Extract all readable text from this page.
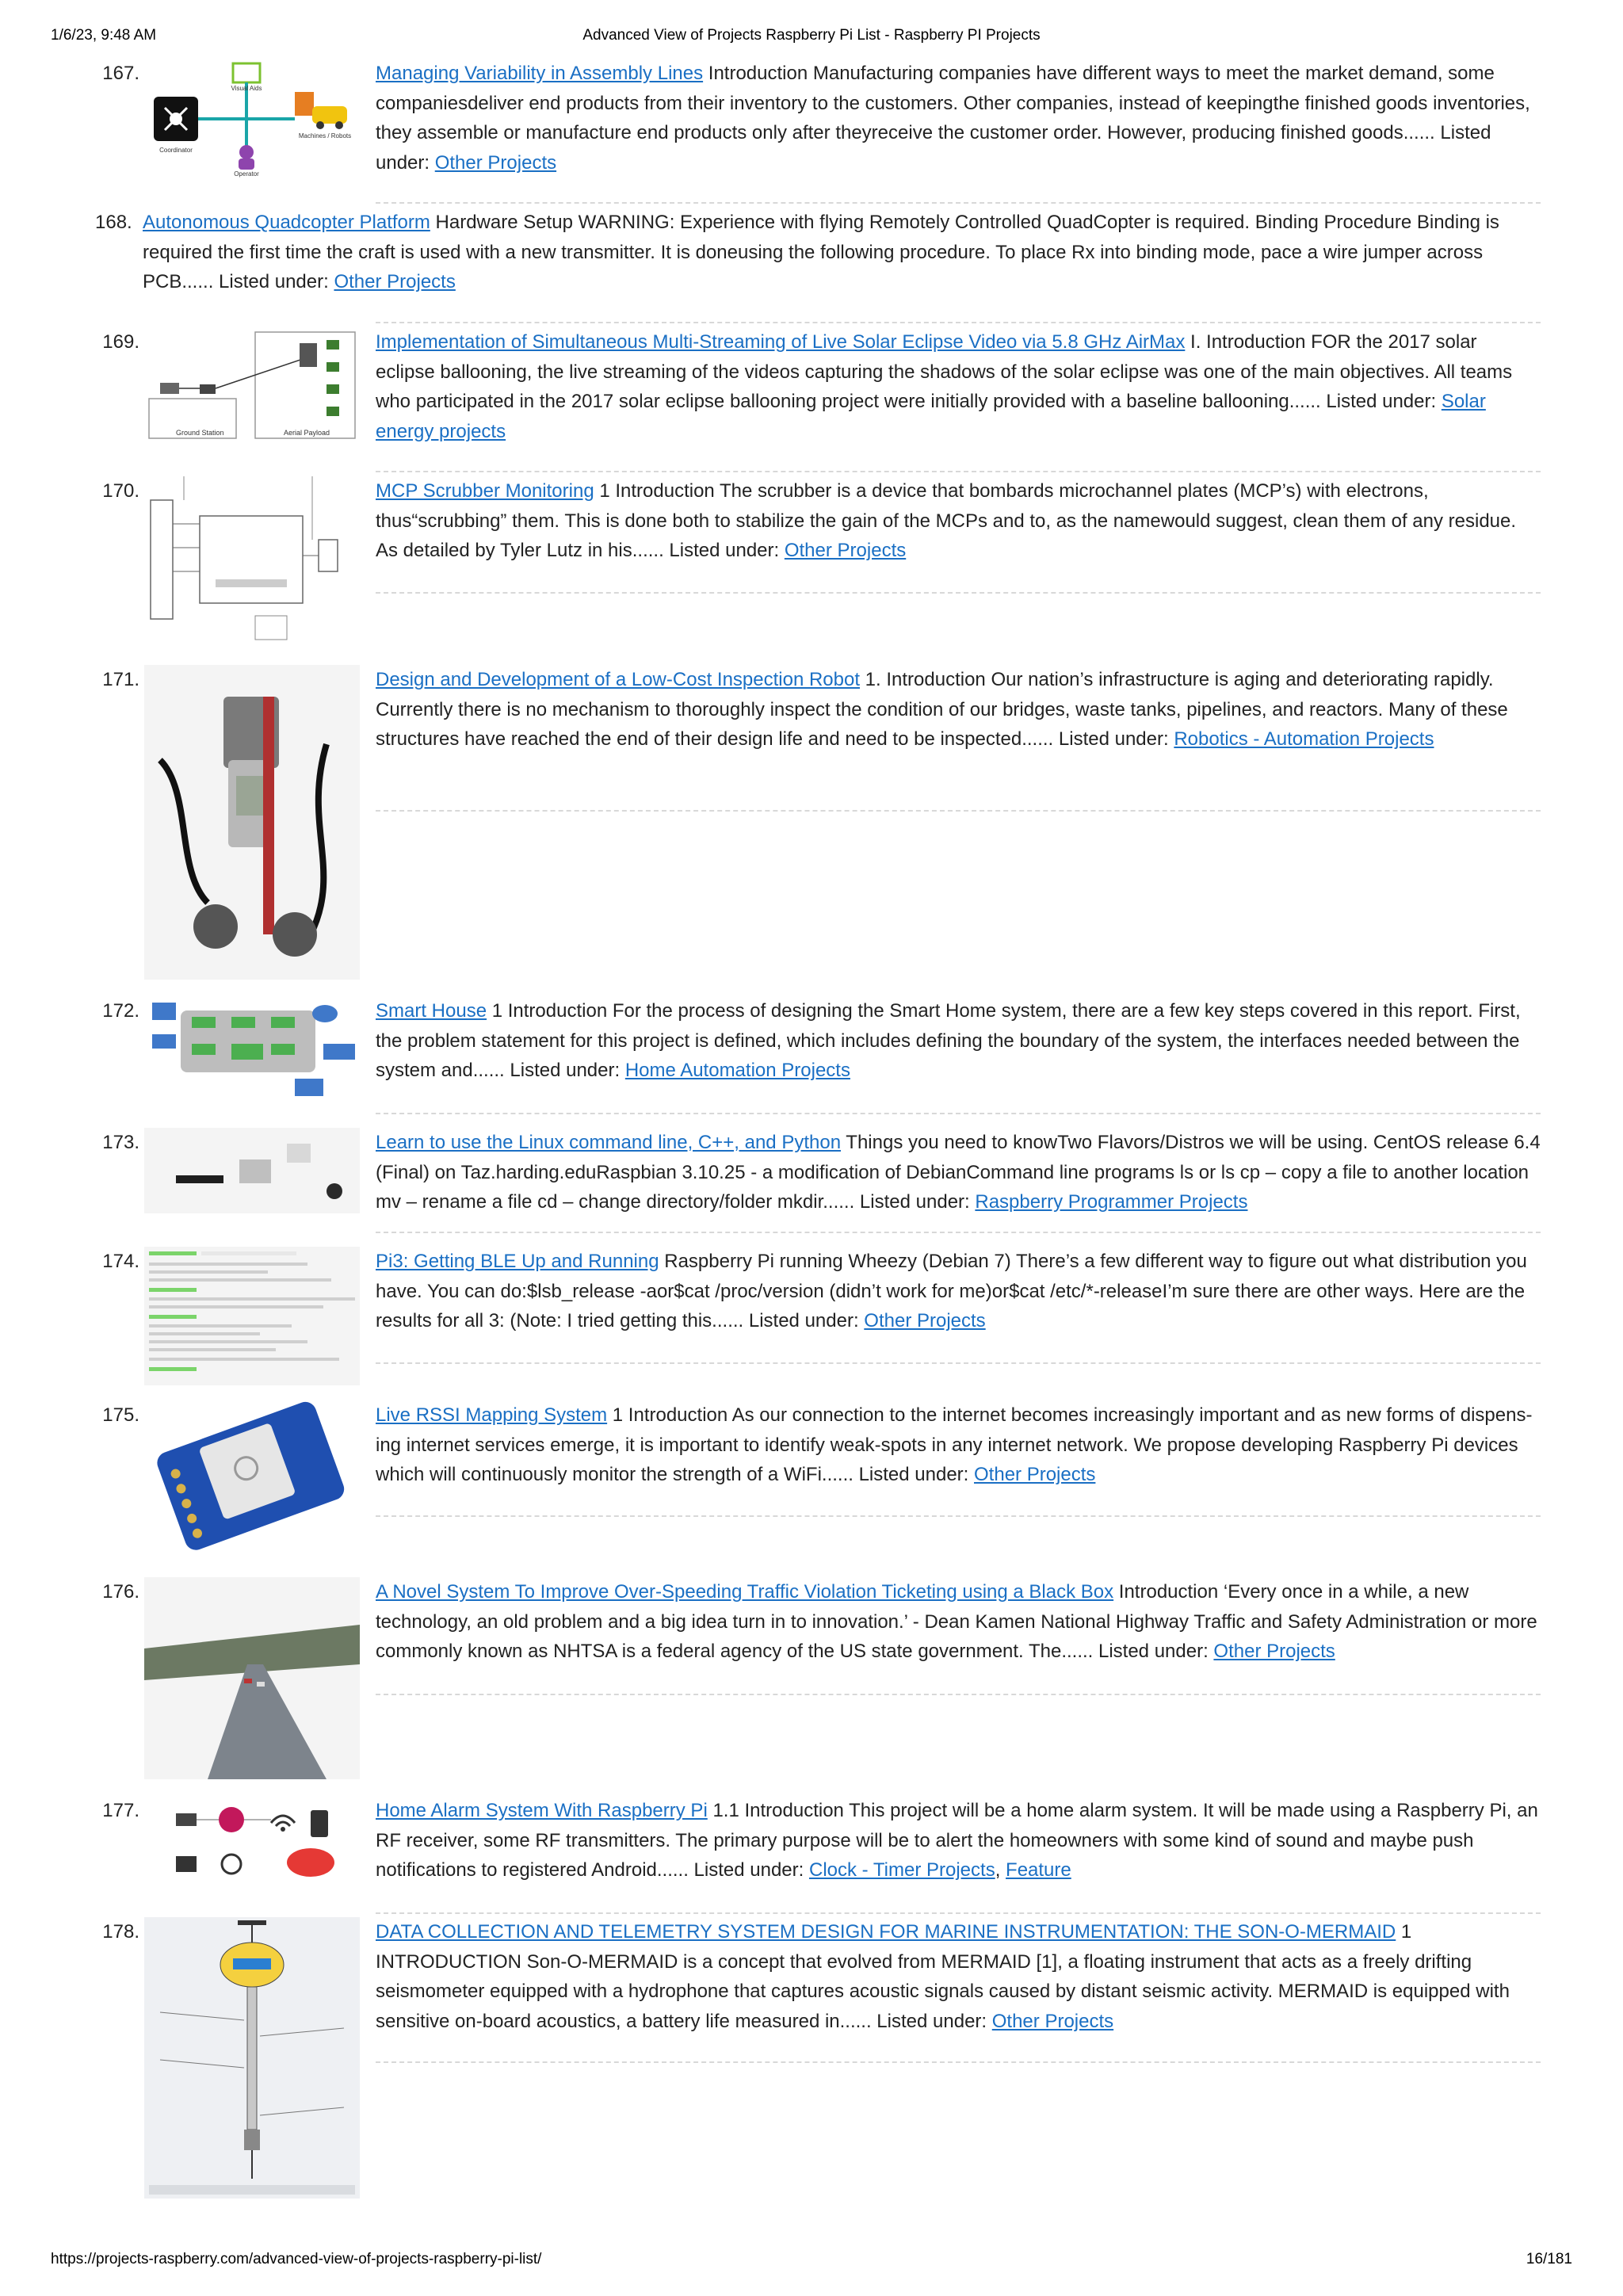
1/6/23, 9:48 AM	Advanced View of Projects Raspberry Pi List - Raspberry PI Projects
167.
Coordinator
Visual Aids
Machines / Robots
Operator
Managing Variability in Assembly Lines Introduction Manufacturing companies have different ways to meet the market demand, some companiesdeliver end products from their inventory to the customers. Other companies, instead of keepingthe finished goods inventories, they assemble or manufacture end products only after theyreceive the customer order. However, producing finished goods...... Listed under: Other Projects
168. Autonomous Quadcopter Platform Hardware Setup WARNING: Experience with flying Remotely Controlled QuadCopter is required. Binding Procedure Binding is required the first time the craft is used with a new transmitter. It is doneusing the following procedure. To place Rx into binding mode, pace a wire jumper across PCB...... Listed under: Other Projects
169.
Ground Station	Aerial Payload
Implementation of Simultaneous Multi-Streaming of Live Solar Eclipse Video via 5.8 GHz AirMax I. Introduction FOR the 2017 solar eclipse ballooning, the live streaming of the videos capturing the shadows of the solar eclipse was one of the main objectives. All teams who participated in the 2017 solar eclipse ballooning project were initially provided with a baseline ballooning...... Listed under: Solar energy projects
170.	MCP Scrubber Monitoring 1 Introduction The scrubber is a device that bombards microchannel plates (MCP’s) with electrons, thus“scrubbing” them. This is done both to stabilize the gain of the MCPs and to, as the namewould suggest, clean them of any residue. As detailed by Tyler Lutz in his...... Listed under: Other Projects
171.	Design and Development of a Low-Cost Inspection Robot 1. Introduction Our nation’s infrastructure is aging and deteriorating rapidly. Currently there is no mechanism to thoroughly inspect the condition of our bridges, waste tanks, pipelines, and reactors. Many of these structures have reached the end of their design life and need to be inspected...... Listed under: Robotics - Automation Projects
172.	Smart House 1 Introduction For the process of designing the Smart Home system, there are a few key steps covered in this report. First, the problem statement for this project is defined, which includes defining the boundary of the system, the interfaces needed between the system and...... Listed under: Home Automation Projects
173.	Learn to use the Linux command line, C++, and Python Things you need to knowTwo Flavors/Distros we will be using. CentOS release 6.4 (Final) on Taz.harding.eduRaspbian 3.10.25 - a modification of DebianCommand line programs ls or ls cp – copy a file to another location mv – rename a file cd – change directory/folder mkdir...... Listed under: Raspberry Programmer Projects
174.	Pi3: Getting BLE Up and Running Raspberry Pi running Wheezy (Debian 7) There’s a few different way to figure out what distribution you have. You can do:$lsb_release -aor$cat /proc/version (didn’t work for me)or$cat /etc/*-releaseI’m sure there are other ways. Here are the results for all 3: (Note: I tried getting this...... Listed under: Other Projects
175.	Live RSSI Mapping System 1 Introduction As our connection to the internet becomes increasingly important and as new forms of dispens- ing internet services emerge, it is important to identify weak-spots in any internet network. We propose developing Raspberry Pi devices which will continuously monitor the strength of a WiFi...... Listed under: Other Projects
176.	A Novel System To Improve Over-Speeding Traffic Violation Ticketing using a Black Box Introduction ‘Every once in a while, a new technology, an old problem and a big idea turn in to innovation.’ - Dean Kamen National Highway Traffic and Safety Administration or more commonly known as NHTSA is a federal agency of the US state government. The...... Listed under: Other Projects
177.	Home Alarm System With Raspberry Pi 1.1 Introduction This project will be a home alarm system. It will be made using a Raspberry Pi, an RF receiver, some RF transmitters. The primary purpose will be to alert the homeowners with some kind of sound and maybe push notifications to registered Android...... Listed under: Clock - Timer Projects, Feature
178.	DATA COLLECTION AND TELEMETRY SYSTEM DESIGN FOR MARINE INSTRUMENTATION: THE SON-O-MERMAID 1 INTRODUCTION Son-O-MERMAID is a concept that evolved from MERMAID [1], a floating instrument that acts as a freely drifting seismometer equipped with a hydrophone that captures acoustic signals caused by distant seismic activity. MERMAID is equipped with sensitive on-board acoustics, a battery life measured in...... Listed under: Other Projects
https://projects-raspberry.com/advanced-view-of-projects-raspberry-pi-list/	16/181
